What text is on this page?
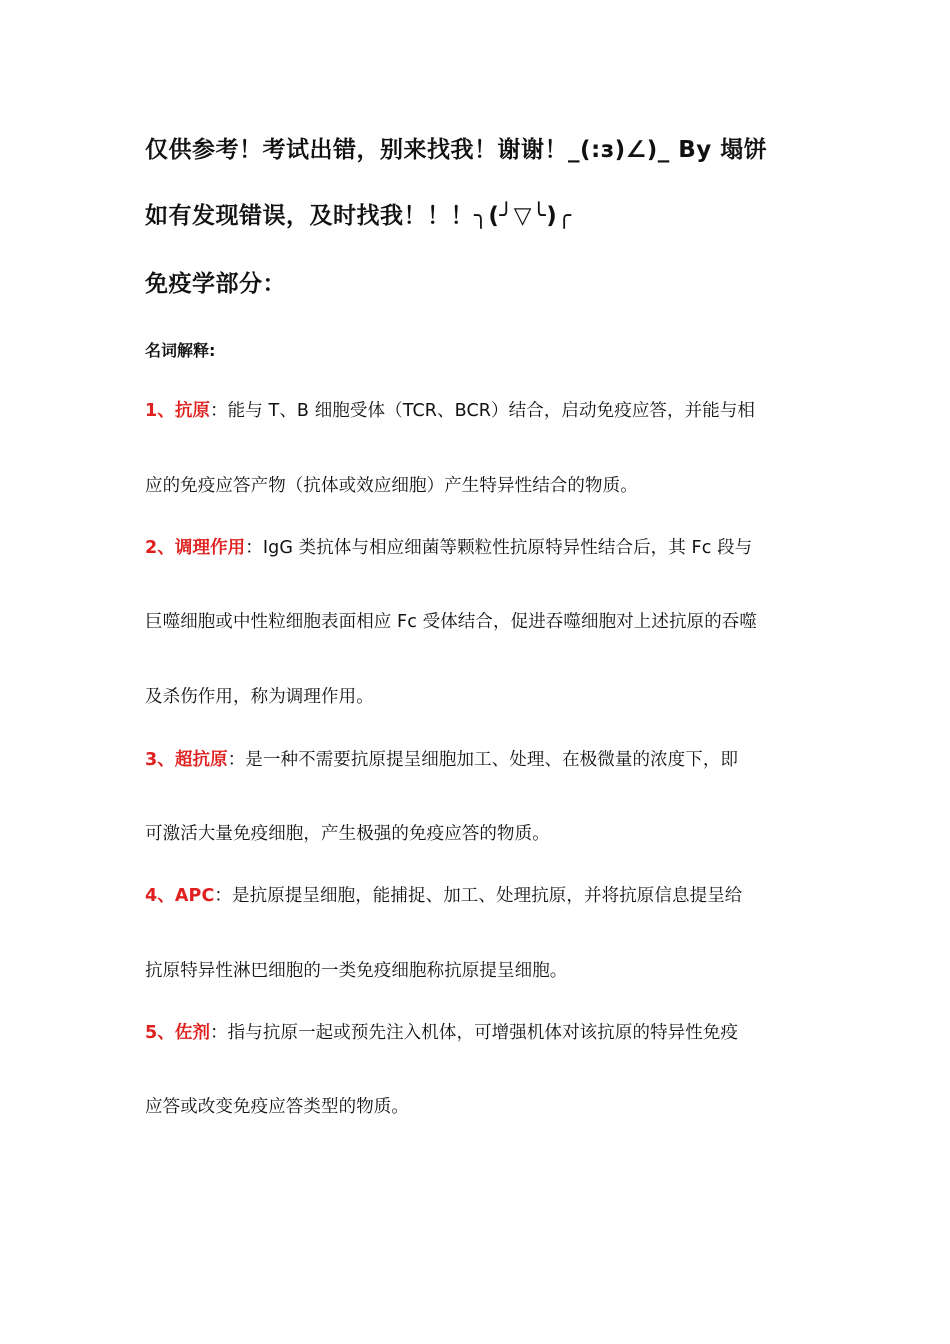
仅供参考！考试出错，别来找我！谢谢！_(:з)∠)_ By 塌饼
如有发现错误，及时找我！！！╮(╯▽╰)╭
免疫学部分：
名词解释:
1、抗原：能与 T、B 细胞受体（TCR、BCR）结合，启动免疫应答，并能与相
应的免疫应答产物（抗体或效应细胞）产生特异性结合的物质。
2、调理作用：IgG 类抗体与相应细菌等颗粒性抗原特异性结合后，其 Fc 段与
巨噬细胞或中性粒细胞表面相应 Fc 受体结合，促进吞噬细胞对上述抗原的吞噬
及杀伤作用，称为调理作用。
3、超抗原：是一种不需要抗原提呈细胞加工、处理、在极微量的浓度下，即
可激活大量免疫细胞，产生极强的免疫应答的物质。
4、APC：是抗原提呈细胞，能捕捉、加工、处理抗原，并将抗原信息提呈给
抗原特异性淋巴细胞的一类免疫细胞称抗原提呈细胞。
5、佐剂：指与抗原一起或预先注入机体，可增强机体对该抗原的特异性免疫
应答或改变免疫应答类型的物质。
